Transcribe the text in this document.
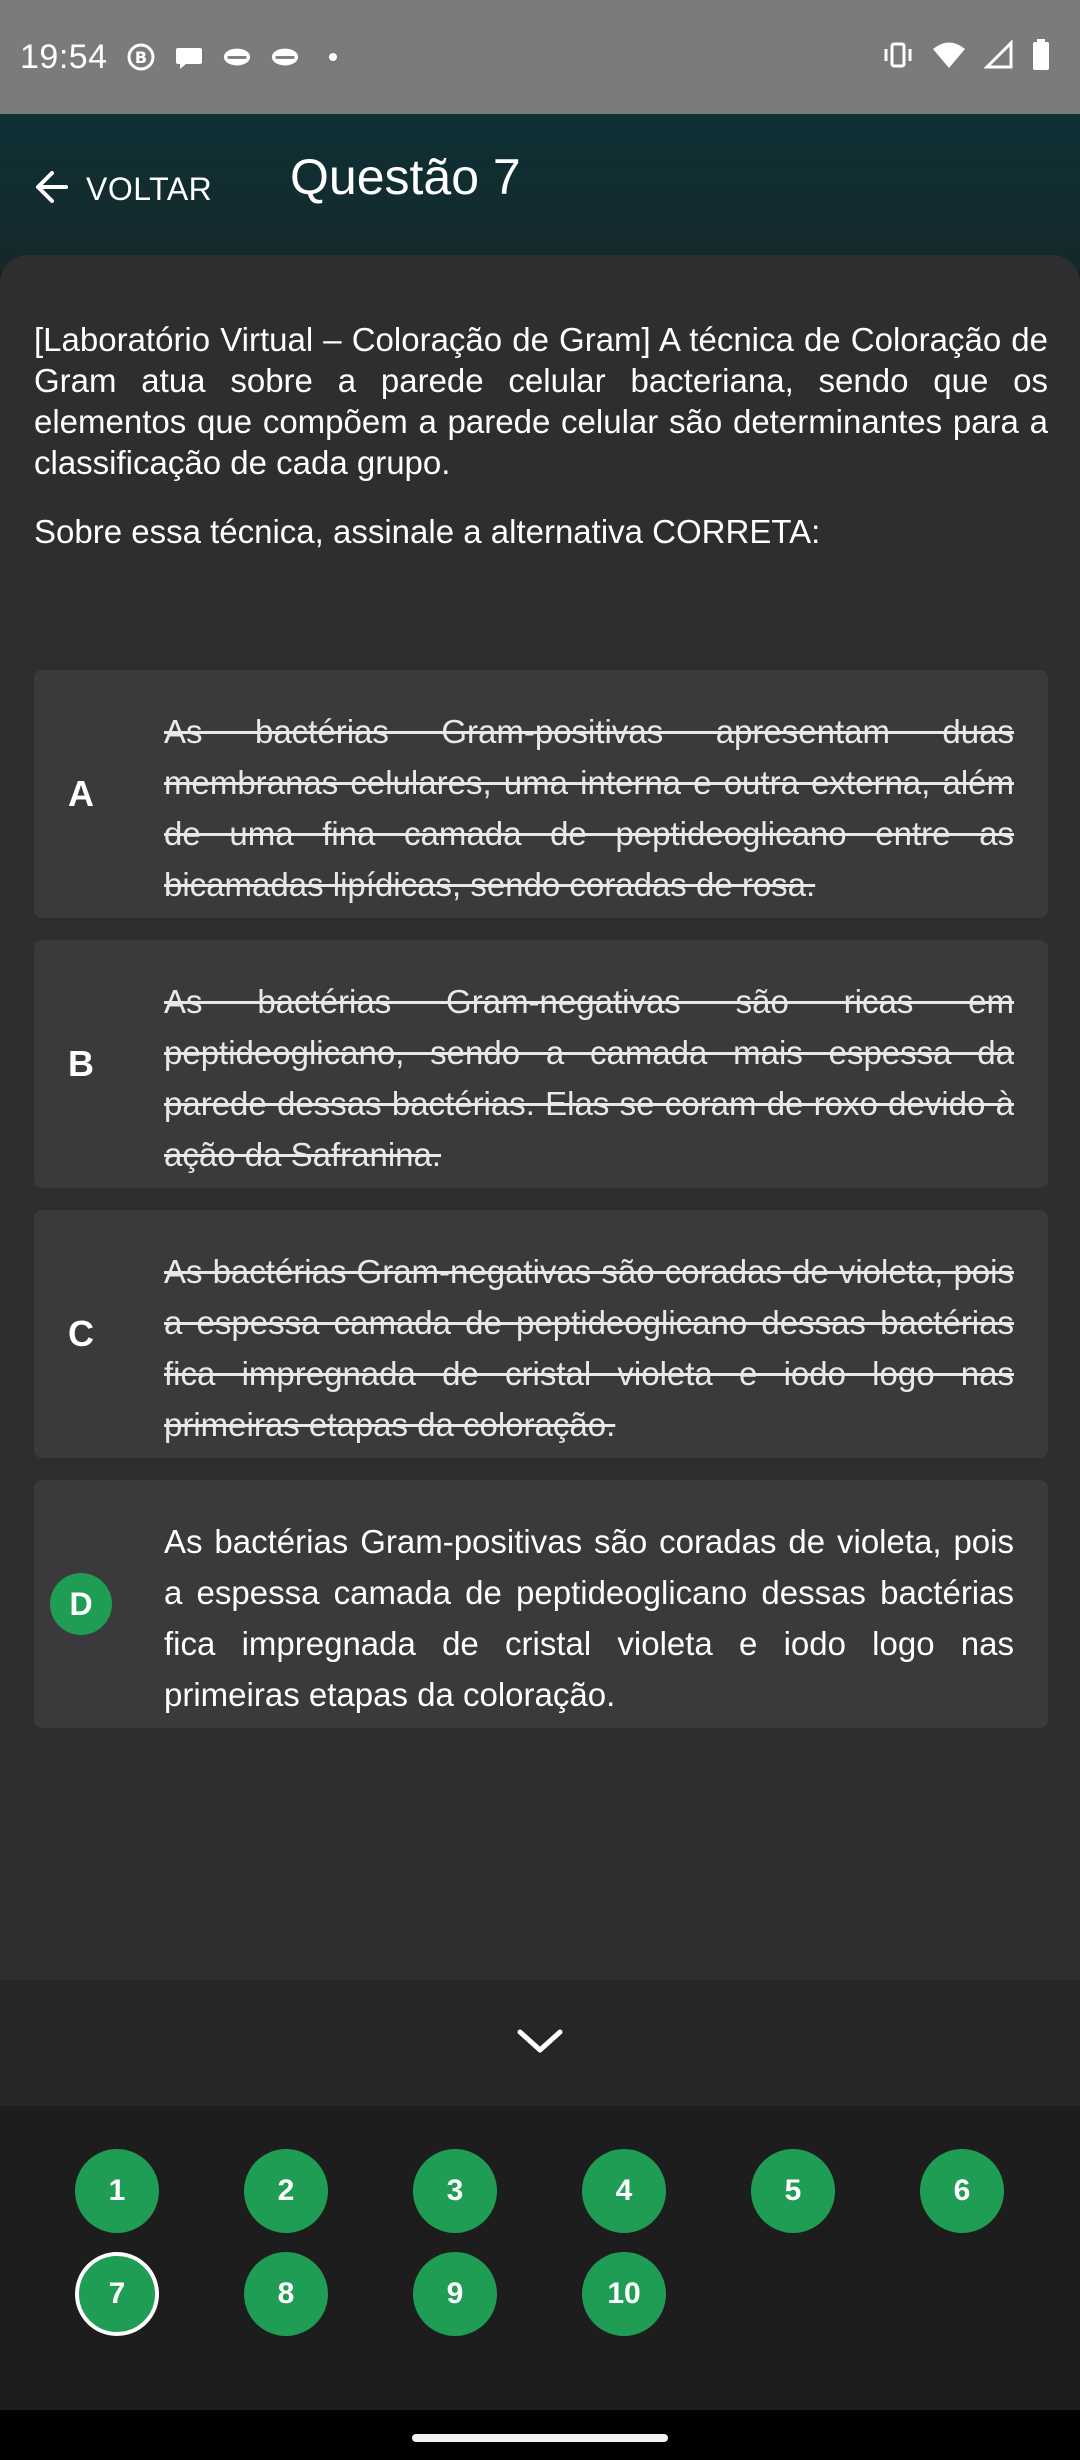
19:54 B
VOLTAR Questão 7

[Laboratório Virtual – Coloração de Gram] A técnica de Coloração de Gram atua sobre a parede celular bacteriana, sendo que os elementos que compõem a parede celular são determinantes para a classificação de cada grupo.

Sobre essa técnica, assinale a alternativa CORRETA:

A

As bactérias Gram-positivas apresentam duas membranas celulares, uma interna e outra externa, além de uma fina camada de peptideoglicano entre as bicamadas lipídicas, sendo coradas de rosa.

B

As bactérias Gram-negativas são ricas em peptideoglicano, sendo a camada mais espessa da parede dessas bactérias. Elas se coram de roxo devido à ação da Safranina.

C

As bactérias Gram-negativas são coradas de violeta, pois a espessa camada de peptideoglicano dessas bactérias fica impregnada de cristal violeta e iodo logo nas primeiras etapas da coloração.

D

As bactérias Gram-positivas são coradas de violeta, pois a espessa camada de peptideoglicano dessas bactérias fica impregnada de cristal violeta e iodo logo nas primeiras etapas da coloração.

1	2	3	4	5	6
7	8	9	10
